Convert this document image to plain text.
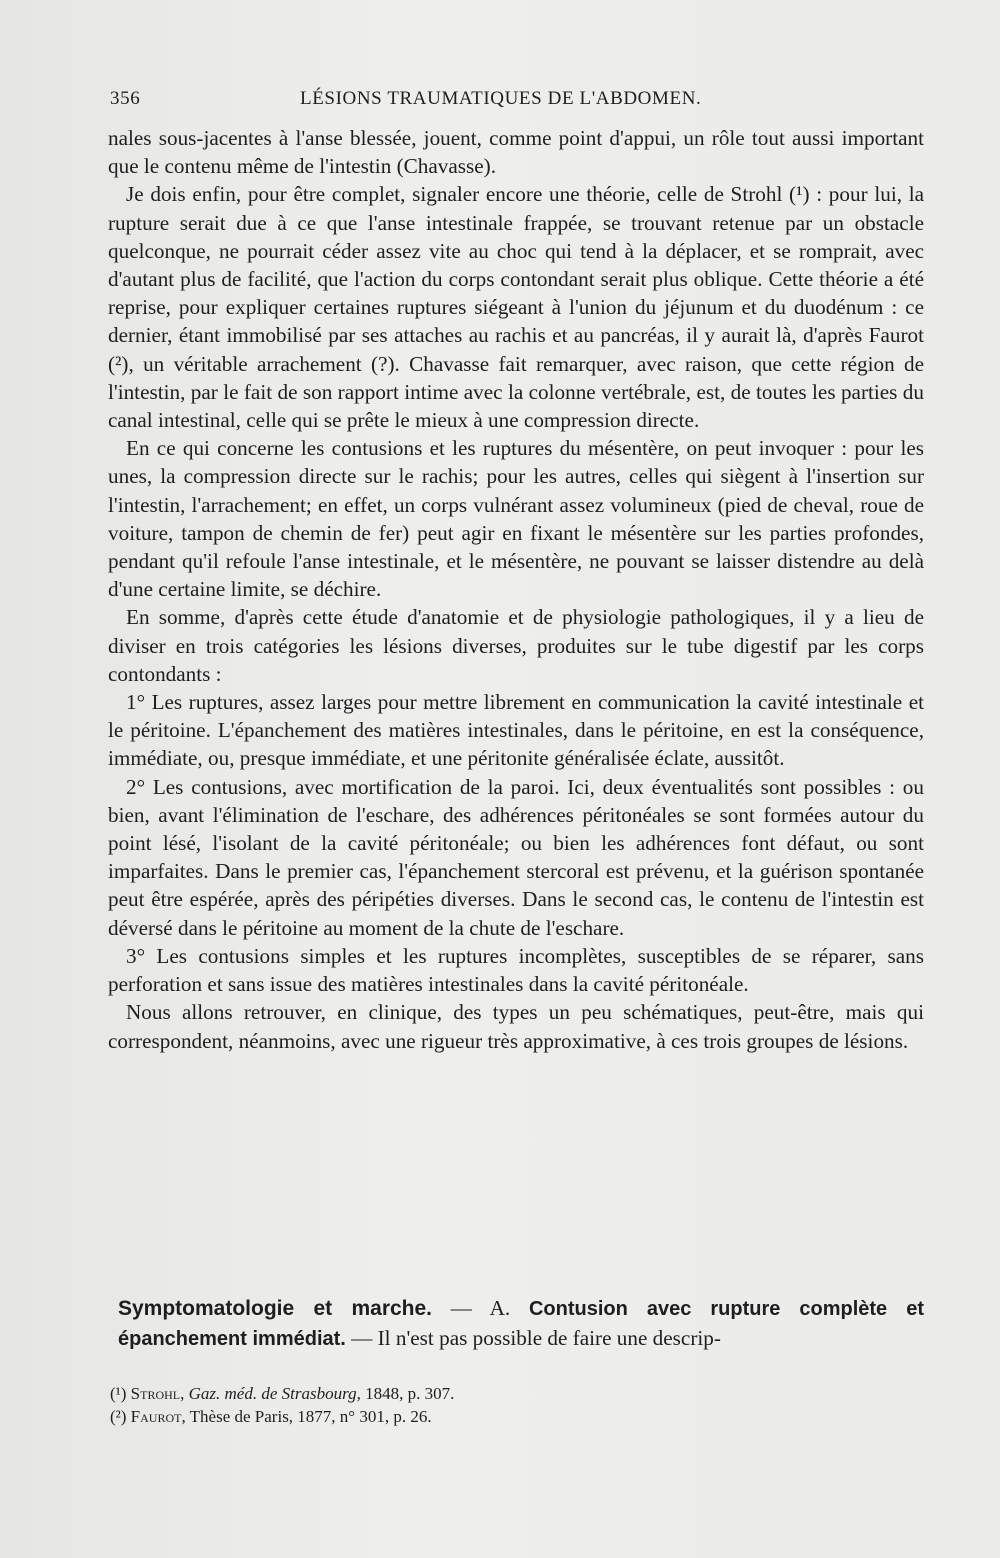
356	LÉSIONS TRAUMATIQUES DE L'ABDOMEN.

nales sous-jacentes à l'anse blessée, jouent, comme point d'appui, un rôle tout aussi important que le contenu même de l'intestin (Chavasse).

Je dois enfin, pour être complet, signaler encore une théorie, celle de Strohl (¹) : pour lui, la rupture serait due à ce que l'anse intestinale frappée, se trouvant retenue par un obstacle quelconque, ne pourrait céder assez vite au choc qui tend à la déplacer, et se romprait, avec d'autant plus de facilité, que l'action du corps contondant serait plus oblique. Cette théorie a été reprise, pour expliquer certaines ruptures siégeant à l'union du jéjunum et du duodénum : ce dernier, étant immobilisé par ses attaches au rachis et au pancréas, il y aurait là, d'après Faurot (²), un véritable arrachement (?). Chavasse fait remarquer, avec raison, que cette région de l'intestin, par le fait de son rapport intime avec la colonne vertébrale, est, de toutes les parties du canal intestinal, celle qui se prête le mieux à une compression directe.

En ce qui concerne les contusions et les ruptures du mésentère, on peut invoquer : pour les unes, la compression directe sur le rachis; pour les autres, celles qui siègent à l'insertion sur l'intestin, l'arrachement; en effet, un corps vulnérant assez volumineux (pied de cheval, roue de voiture, tampon de chemin de fer) peut agir en fixant le mésentère sur les parties profondes, pendant qu'il refoule l'anse intestinale, et le mésentère, ne pouvant se laisser distendre au delà d'une certaine limite, se déchire.

En somme, d'après cette étude d'anatomie et de physiologie pathologiques, il y a lieu de diviser en trois catégories les lésions diverses, produites sur le tube digestif par les corps contondants :

1° Les ruptures, assez larges pour mettre librement en communication la cavité intestinale et le péritoine. L'épanchement des matières intestinales, dans le péritoine, en est la conséquence, immédiate, ou, presque immédiate, et une péritonite généralisée éclate, aussitôt.

2° Les contusions, avec mortification de la paroi. Ici, deux éventualités sont possibles : ou bien, avant l'élimination de l'eschare, des adhérences péritonéales se sont formées autour du point lésé, l'isolant de la cavité péritonéale; ou bien les adhérences font défaut, ou sont imparfaites. Dans le premier cas, l'épanchement stercoral est prévenu, et la guérison spontanée peut être espérée, après des péripéties diverses. Dans le second cas, le contenu de l'intestin est déversé dans le péritoine au moment de la chute de l'eschare.

3° Les contusions simples et les ruptures incomplètes, susceptibles de se réparer, sans perforation et sans issue des matières intestinales dans la cavité péritonéale.

Nous allons retrouver, en clinique, des types un peu schématiques, peut-être, mais qui correspondent, néanmoins, avec une rigueur très approximative, à ces trois groupes de lésions.

Symptomatologie et marche. — A. Contusion avec rupture complète et épanchement immédiat. — Il n'est pas possible de faire une descrip-

(¹) Strohl, Gaz. méd. de Strasbourg, 1848, p. 307.

(²) Faurot, Thèse de Paris, 1877, n° 301, p. 26.
